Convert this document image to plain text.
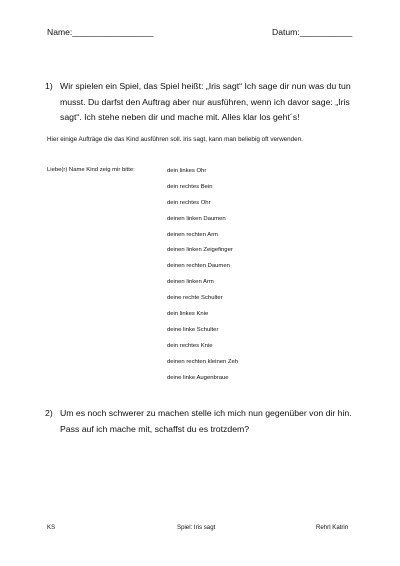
Name:_________________	Datum:___________
1) Wir spielen ein Spiel, das Spiel heißt: „Iris sagt“ Ich sage dir nun was du tun musst. Du darfst den Auftrag aber nur ausführen, wenn ich davor sage: „Iris sagt“. Ich stehe neben dir und mache mit. Alles klar los geht´s!
Hier einige Aufträge die das Kind ausführen soll. Iris sagt, kann man beliebig oft verwenden.
Liebe(r) Name Kind zeig mir bitte:	dein linkes Ohr
dein rechtes Bein
dein rechtes Ohr
deinen linken Daumen
deinen rechten Arm
deinen linken Zeigefinger
deinen rechten Daumen
deinen linken Arm
deine rechte Schulter
dein linkes Knie
deine linke Schulter
dein rechtes Knie
deinen rechten kleinen Zeh
deine linke Augenbraue
2) Um es noch schwerer zu machen stelle ich mich nun gegenüber von dir hin. Pass auf ich mache mit, schaffst du es trotzdem?
KS	Spiel: Iris sagt	Rehrl Katrin
